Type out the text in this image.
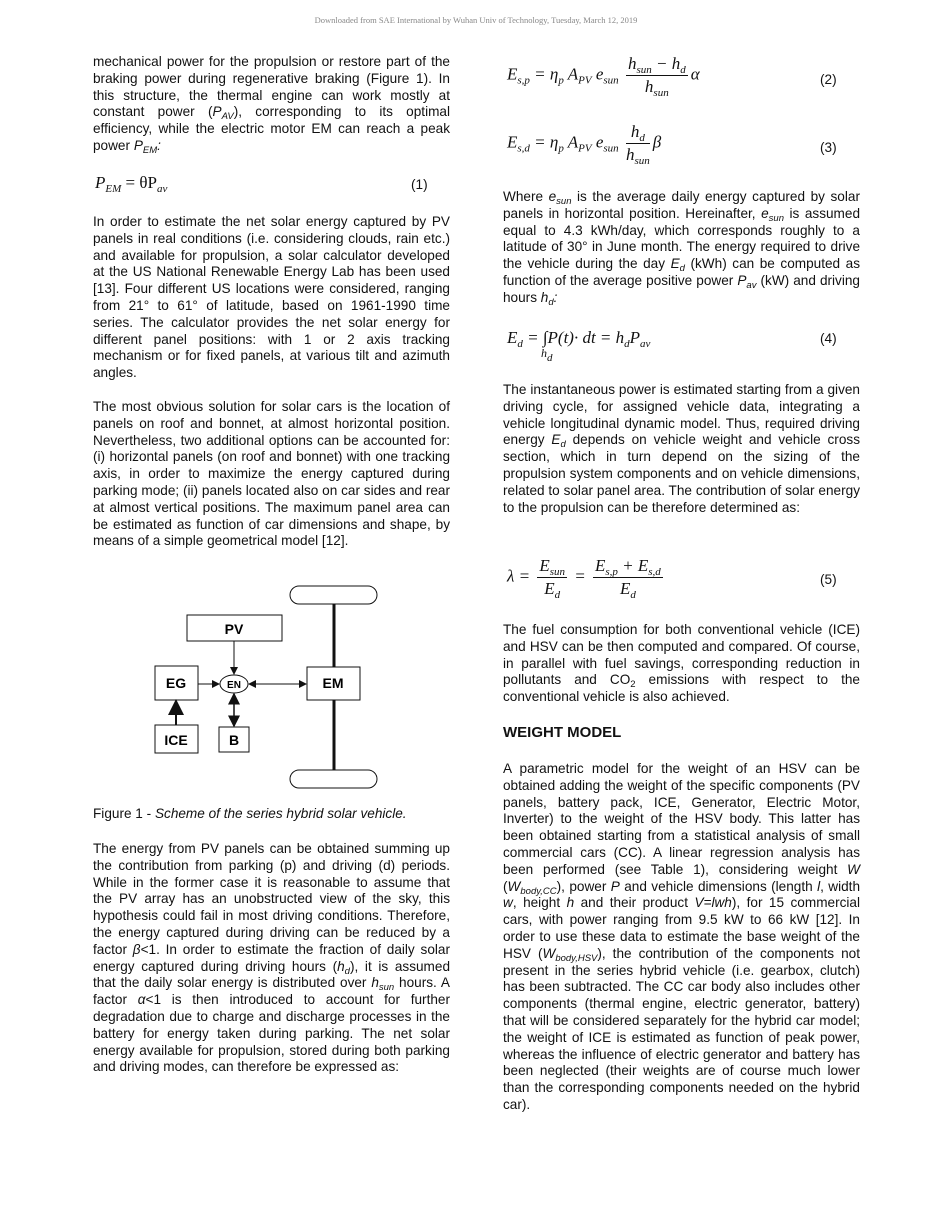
Downloaded from SAE International by Wuhan Univ of Technology, Tuesday, March 12, 2019

mechanical power for the propulsion or restore part of the braking power during regenerative braking (Figure 1). In this structure, the thermal engine can work mostly at constant power $(P_{AV})$, corresponding to its optimal efficiency, while the electric motor EM can reach a peak power $P_{EM}$:

$P_{EM} = \theta P_{av}$	(1)

In order to estimate the net solar energy captured by PV panels in real conditions (i.e. considering clouds, rain etc.) and available for propulsion, a solar calculator developed at the US National Renewable Energy Lab has been used [13]. Four different US locations were considered, ranging from 21° to 61° of latitude, based on 1961-1990 time series. The calculator provides the net solar energy for different panel positions: with 1 or 2 axis tracking mechanism or for fixed panels, at various tilt and azimuth angles.

The most obvious solution for solar cars is the location of panels on roof and bonnet, at almost horizontal position. Nevertheless, two additional options can be accounted for: (i) horizontal panels (on roof and bonnet) with one tracking axis, in order to maximize the energy captured during parking mode; (ii) panels located also on car sides and rear at almost vertical positions. The maximum panel area can be estimated as function of car dimensions and shape, by means of a simple geometrical model [12].

PV
EG	EM
ICE	B
EN

Figure 1 - Scheme of the series hybrid solar vehicle.

The energy from PV panels can be obtained summing up the contribution from parking (p) and driving (d) periods. While in the former case it is reasonable to assume that the PV array has an unobstructed view of the sky, this hypothesis could fail in most driving conditions. Therefore, the energy captured during driving can be reduced by a factor β<1. In order to estimate the fraction of daily solar energy captured during driving hours $(h_d)$, it is assumed that the daily solar energy is distributed over $h_{sun}$ hours. A factor α<1 is then introduced to account for further degradation due to charge and discharge processes in the battery for energy taken during parking. The net solar energy available for propulsion, stored during both parking and driving modes, can therefore be expressed as:

$E_{s,p} = \eta_p$ $A_{PV}$ $e_{sun} \frac{h_{sun} - h_d}{h_{sun}}$ α	(2)
$E_{s,d} = \eta_p$ $A_{PV}$ $e_{sun} \frac{h_d}{h_{sun}}$ β	(3)

Where $e_{sun}$ is the average daily energy captured by solar panels in horizontal position. Hereinafter, $e_{sun}$ is assumed equal to 4.3 kWh/day, which corresponds roughly to a latitude of 30° in June month. The energy required to drive the vehicle during the day $E_d$ (kWh) can be computed as function of the average positive power $P_{av}$ (kW) and driving hours $h_d$:

$E_d = \int P(t)\cdot$ dt = $h_dP_{av}$
$h_d$
(4)

The instantaneous power is estimated starting from a given driving cycle, for assigned vehicle data, integrating a vehicle longitudinal dynamic model. Thus, required driving energy $E_d$ depends on vehicle weight and vehicle cross section, which in turn depend on the sizing of the propulsion system components and on vehicle dimensions, related to solar panel area. The contribution of solar energy to the propulsion can be therefore determined as:

$\lambda = \frac{E_{sun}}{E_d} = \frac{E_{s,p} + E_{s,d}}{E_d}$	(5)

The fuel consumption for both conventional vehicle (ICE) and HSV can be then computed and compared. Of course, in parallel with fuel savings, corresponding reduction in pollutants and $CO_2$ emissions with respect to the conventional vehicle is also achieved.

WEIGHT MODEL

A parametric model for the weight of an HSV can be obtained adding the weight of the specific components (PV panels, battery pack, ICE, Generator, Electric Motor, Inverter) to the weight of the HSV body. This latter has been obtained starting from a statistical analysis of small commercial cars (CC). A linear regression analysis has been performed (see Table 1), considering weight W $(W_{body,CC})$, power P and vehicle dimensions (length l, width w, height h and their product V=lwh), for 15 commercial cars, with power ranging from 9.5 kW to 66 kW [12]. In order to use these data to estimate the base weight of the HSV $(W_{body,HSV})$, the contribution of the components not present in the series hybrid vehicle (i.e. gearbox, clutch) has been subtracted. The CC car body also includes other components (thermal engine, electric generator, battery) that will be considered separately for the hybrid car model; the weight of ICE is estimated as function of peak power, whereas the influence of electric generator and battery has been neglected (their weights are of course much lower than the corresponding components needed on the hybrid car).
